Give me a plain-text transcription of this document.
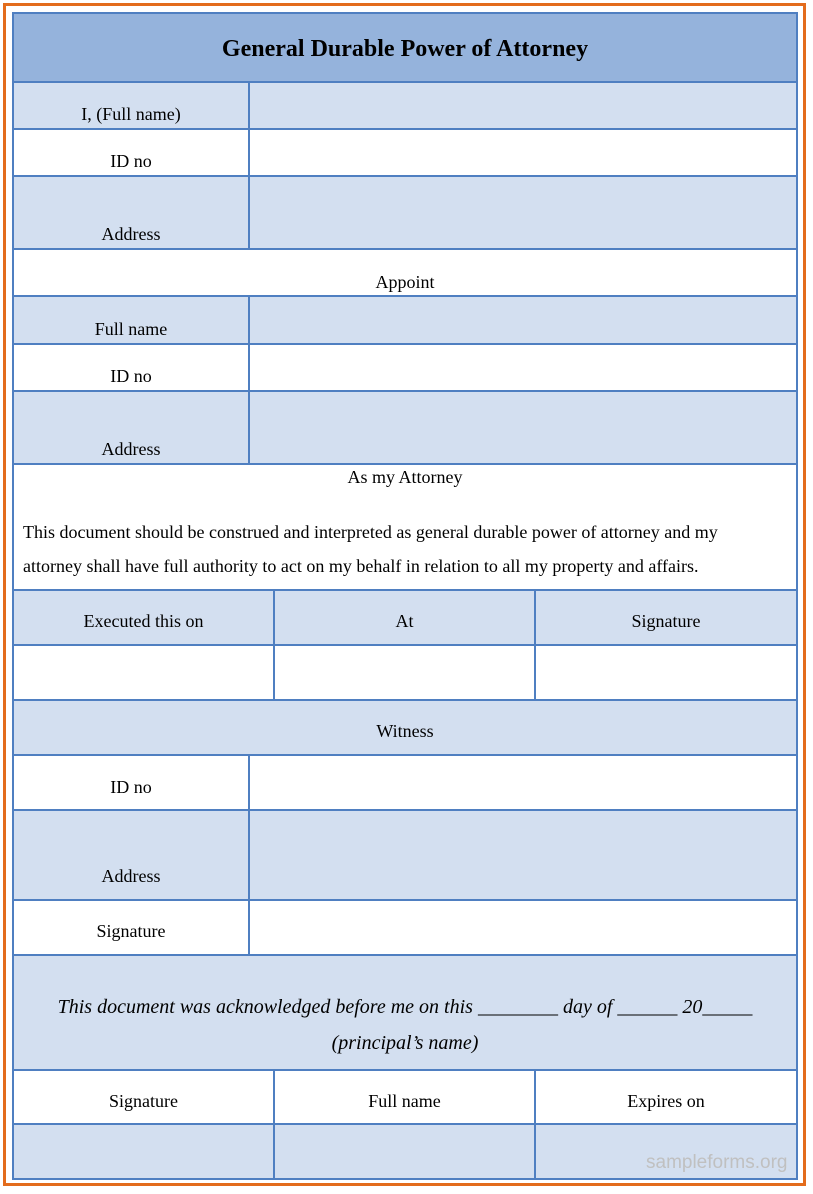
General Durable Power of Attorney
I, (Full name)
ID no
Address
Appoint
Full name
ID no
Address
As my Attorney
This document should be construed and interpreted as general durable power of attorney and my
attorney shall have full authority to act on my behalf in relation to all my property and affairs.
Executed this on	At	Signature
Witness
ID no
Address
Signature
This document was acknowledged before me on this ________ day of ______ 20_____
(principal’s name)
Signature	Full name	Expires on
sampleforms.org
